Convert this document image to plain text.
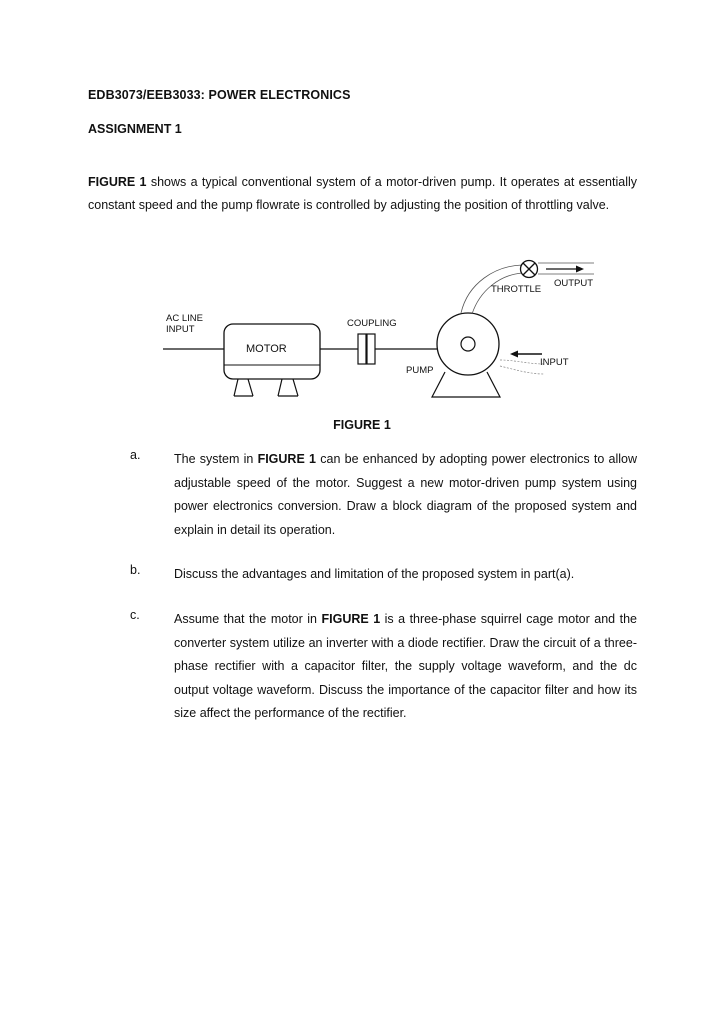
EDB3073/EEB3033: POWER ELECTRONICS
ASSIGNMENT 1

FIGURE 1 shows a typical conventional system of a motor-driven pump. It operates at essentially constant speed and the pump flowrate is controlled by adjusting the position of throttling valve.

AC LINE
INPUT
MOTOR
COUPLING
PUMP
THROTTLE
OUTPUT
INPUT
FIGURE 1
a.	The system in FIGURE 1 can be enhanced by adopting power electronics to allow adjustable speed of the motor. Suggest a new motor-driven pump system using power electronics conversion. Draw a block diagram of the proposed system and explain in detail its operation.

b.	Discuss the advantages and limitation of the proposed system in part(a).

c.	Assume that the motor in FIGURE 1 is a three-phase squirrel cage motor and the converter system utilize an inverter with a diode rectifier. Draw the circuit of a three-phase rectifier with a capacitor filter, the supply voltage waveform, and the dc output voltage waveform. Discuss the importance of the capacitor filter and how its size affect the performance of the rectifier.
